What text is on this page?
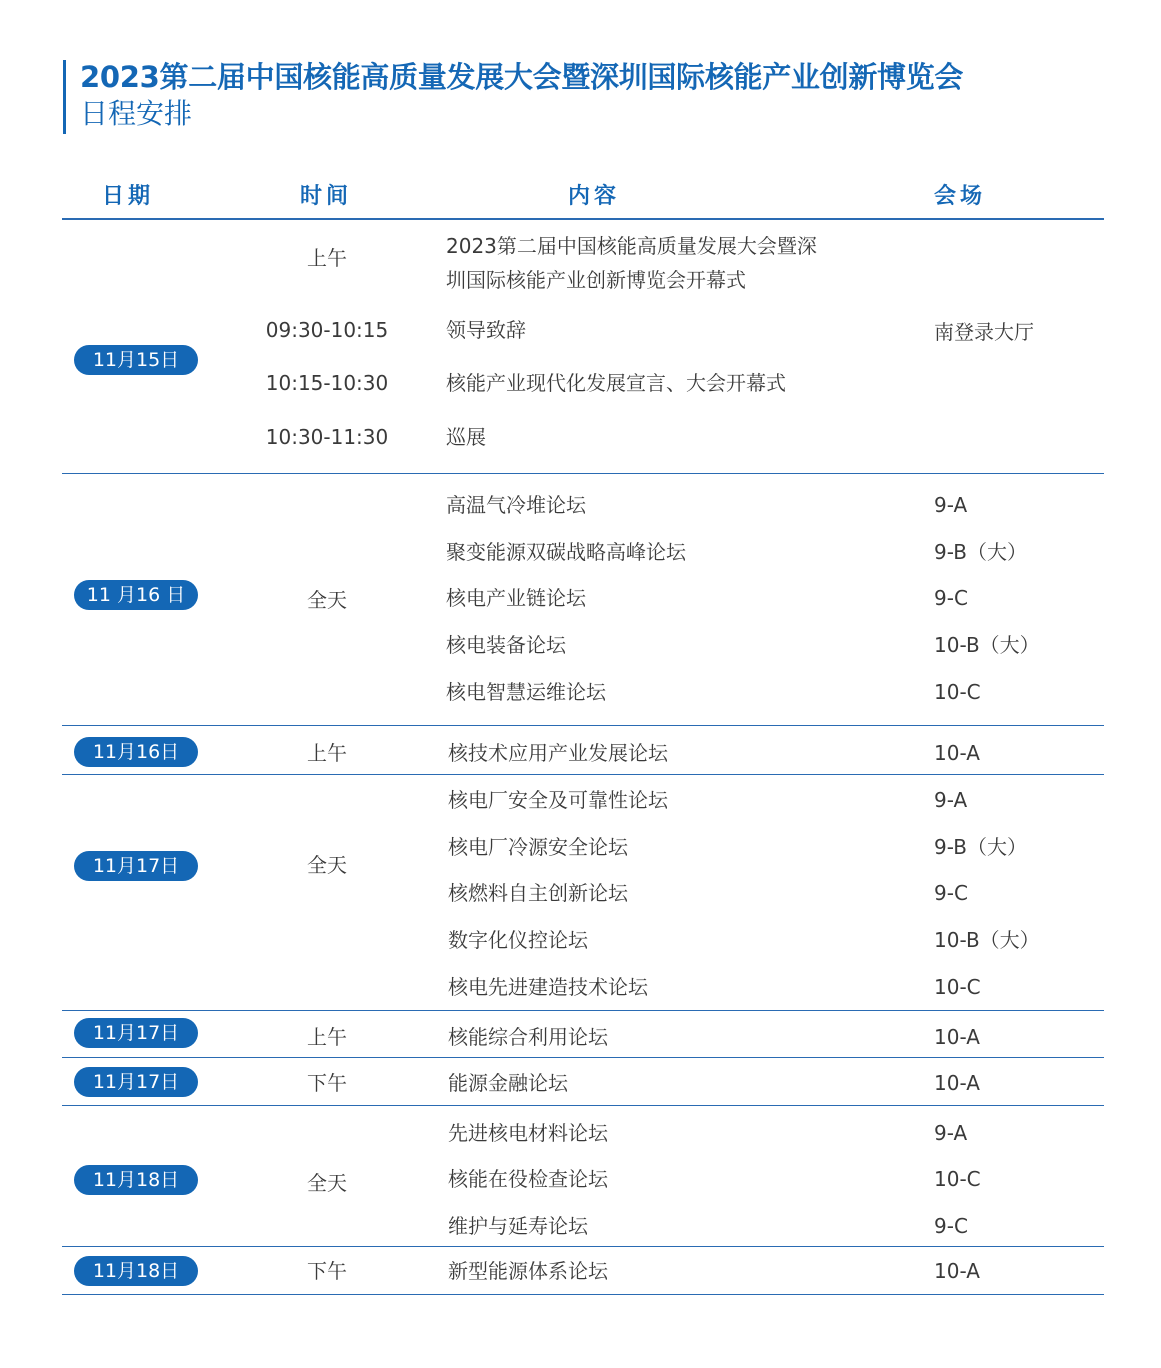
2023第二届中国核能高质量发展大会暨深圳国际核能产业创新博览会
日程安排
日期	时间	内容	会场
11月15日
上午	2023第二届中国核能高质量发展大会暨深
圳国际核能产业创新博览会开幕式
09:30-10:15	领导致辞	南登录大厅
10:15-10:30	核能产业现代化发展宣言、大会开幕式
10:30-11:30	巡展
11 月16 日	全天
高温气冷堆论坛	9-A
聚变能源双碳战略高峰论坛	9-B（大）
核电产业链论坛	9-C
核电装备论坛	10-B（大）
核电智慧运维论坛	10-C
11月16日	上午	核技术应用产业发展论坛	10-A
11月17日	全天
核电厂安全及可靠性论坛	9-A
核电厂冷源安全论坛	9-B（大）
核燃料自主创新论坛	9-C
数字化仪控论坛	10-B（大）
核电先进建造技术论坛	10-C
11月17日	上午	核能综合利用论坛	10-A
11月17日	下午	能源金融论坛	10-A
11月18日	全天
先进核电材料论坛	9-A
核能在役检查论坛	10-C
维护与延寿论坛	9-C
11月18日	下午	新型能源体系论坛	10-A
